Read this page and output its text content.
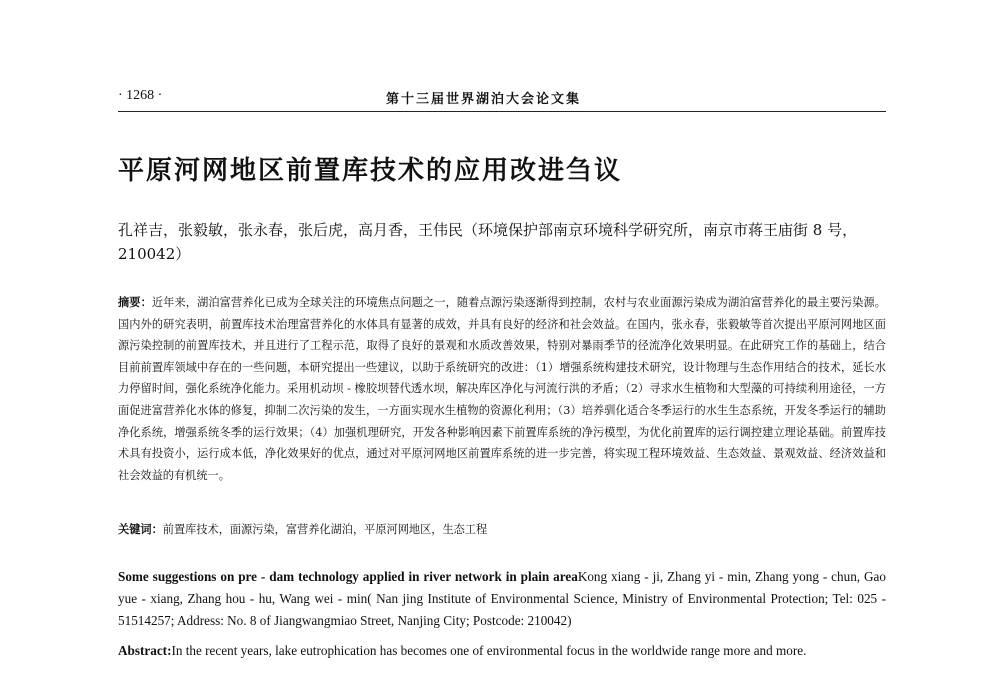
· 1268 ·	第十三届世界湖泊大会论文集
平原河网地区前置库技术的应用改进刍议

孔祥吉，张毅敏，张永春，张后虎，高月香，王伟民（环境保护部南京环境科学研究所，南京市蒋王庙街 8 号，210042）

摘要：近年来，湖泊富营养化已成为全球关注的环境焦点问题之一，随着点源污染逐渐得到控制，农村与农业面源污染成为湖泊富营养化的最主要污染源。国内外的研究表明，前置库技术治理富营养化的水体具有显著的成效，并具有良好的经济和社会效益。在国内，张永春，张毅敏等首次提出平原河网地区面源污染控制的前置库技术，并且进行了工程示范，取得了良好的景观和水质改善效果，特别对暴雨季节的径流净化效果明显。在此研究工作的基础上，结合目前前置库领域中存在的一些问题，本研究提出一些建议，以助于系统研究的改进：（1）增强系统构建技术研究，设计物理与生态作用结合的技术，延长水力停留时间，强化系统净化能力。采用机动坝 - 橡胶坝替代透水坝，解决库区净化与河流行洪的矛盾；（2）寻求水生植物和大型藻的可持续利用途径，一方面促进富营养化水体的修复，抑制二次污染的发生，一方面实现水生植物的资源化利用；（3）培养驯化适合冬季运行的水生生态系统，开发冬季运行的辅助净化系统，增强系统冬季的运行效果；（4）加强机理研究，开发各种影响因素下前置库系统的净污模型，为优化前置库的运行调控建立理论基础。前置库技术具有投资小，运行成本低，净化效果好的优点，通过对平原河网地区前置库系统的进一步完善，将实现工程环境效益、生态效益、景观效益、经济效益和社会效益的有机统一。

关键词：前置库技术，面源污染，富营养化湖泊，平原河网地区，生态工程

Some suggestions on pre - dam technology applied in river network in plain areaKong xiang - ji, Zhang yi - min, Zhang yong - chun, Gao yue - xiang, Zhang hou - hu, Wang wei - min( Nan jing Institute of Environmental Science, Ministry of Environmental Protection; Tel: 025 - 51514257; Address: No. 8 of Jiangwangmiao Street, Nanjing City; Postcode: 210042)

Abstract:In the recent years, lake eutrophication has becomes one of environmental focus in the worldwide range more and more.
